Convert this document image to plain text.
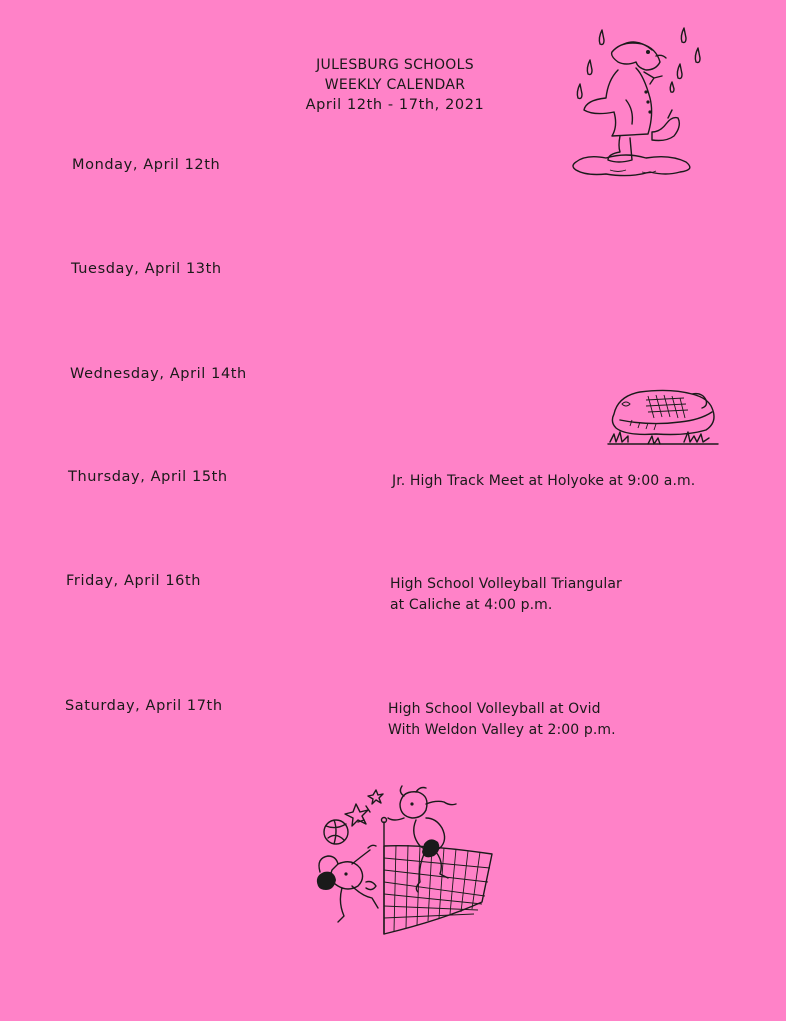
JULESBURG SCHOOLS
WEEKLY CALENDAR
April 12th - 17th, 2021
Monday, April 12th
Tuesday, April 13th
Wednesday, April 14th
Thursday, April 15th
Friday, April 16th
Saturday, April 17th
Jr. High Track Meet at Holyoke at 9:00 a.m.
High School Volleyball Triangular
at Caliche at 4:00 p.m.
High School Volleyball at Ovid
With Weldon Valley at 2:00 p.m.
